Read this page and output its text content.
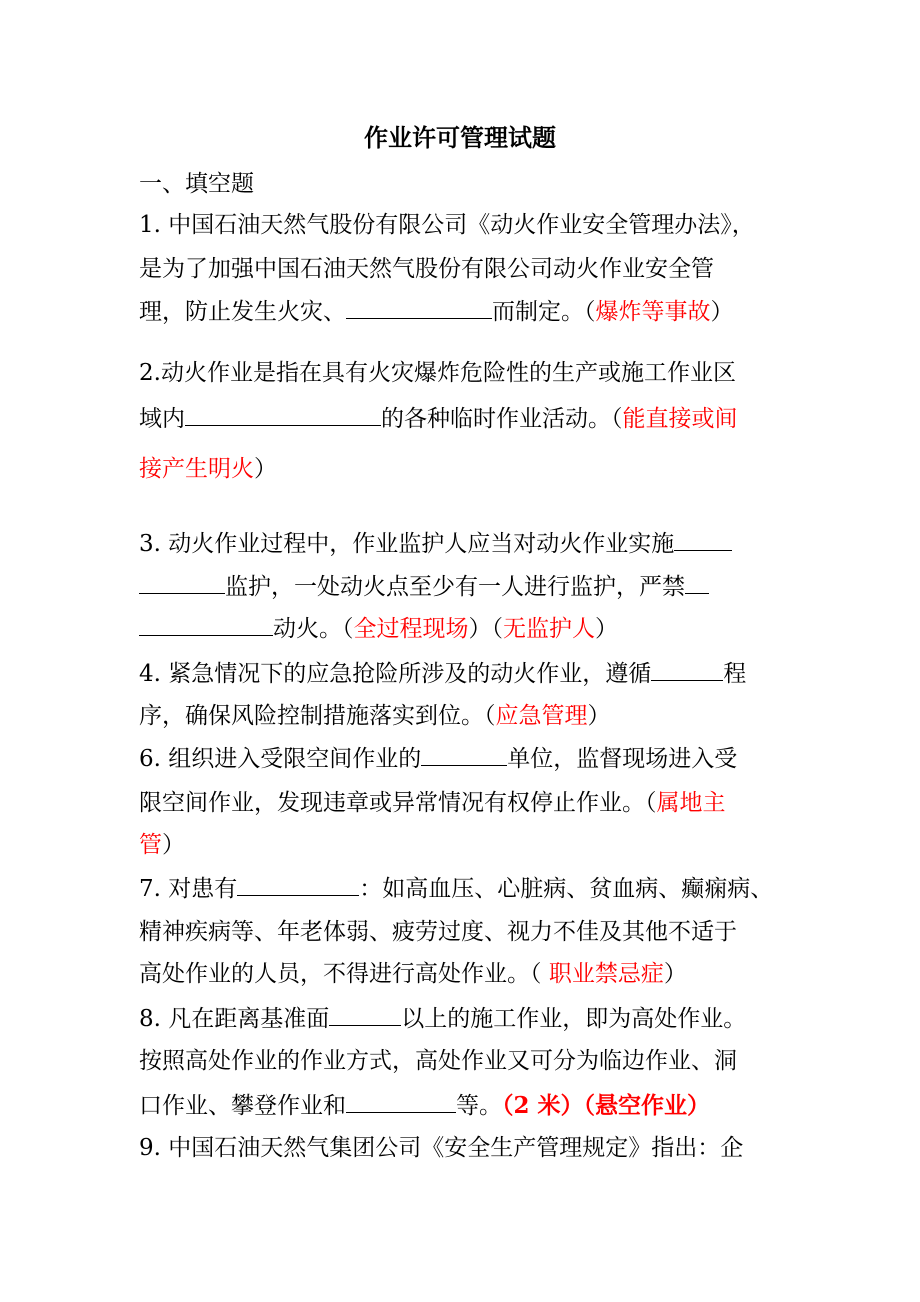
作业许可管理试题
一、填空题
1. 中国石油天然气股份有限公司《动火作业安全管理办法》，
是为了加强中国石油天然气股份有限公司动火作业安全管
理，防止发生火灾、	而制定。（爆炸等事故）
2.动火作业是指在具有火灾爆炸危险性的生产或施工作业区
域内	的各种临时作业活动。（能直接或间
接产生明火）
3. 动火作业过程中，作业监护人应当对动火作业实施
监护，一处动火点至少有一人进行监护，严禁
动火。（全过程现场）（无监护人）
4. 紧急情况下的应急抢险所涉及的动火作业，遵循	程
序，确保风险控制措施落实到位。（应急管理）
6. 组织进入受限空间作业的	单位，监督现场进入受
限空间作业，发现违章或异常情况有权停止作业。（属地主
管）
7. 对患有	：如高血压、心脏病、贫血病、癫痫病、
精神疾病等、年老体弱、疲劳过度、视力不佳及其他不适于
高处作业的人员，不得进行高处作业。（ 职业禁忌症）
8. 凡在距离基准面	以上的施工作业，即为高处作业。
按照高处作业的作业方式，高处作业又可分为临边作业、洞
口作业、攀登作业和	等。（2 米）（悬空作业）
9. 中国石油天然气集团公司《安全生产管理规定》指出：企
